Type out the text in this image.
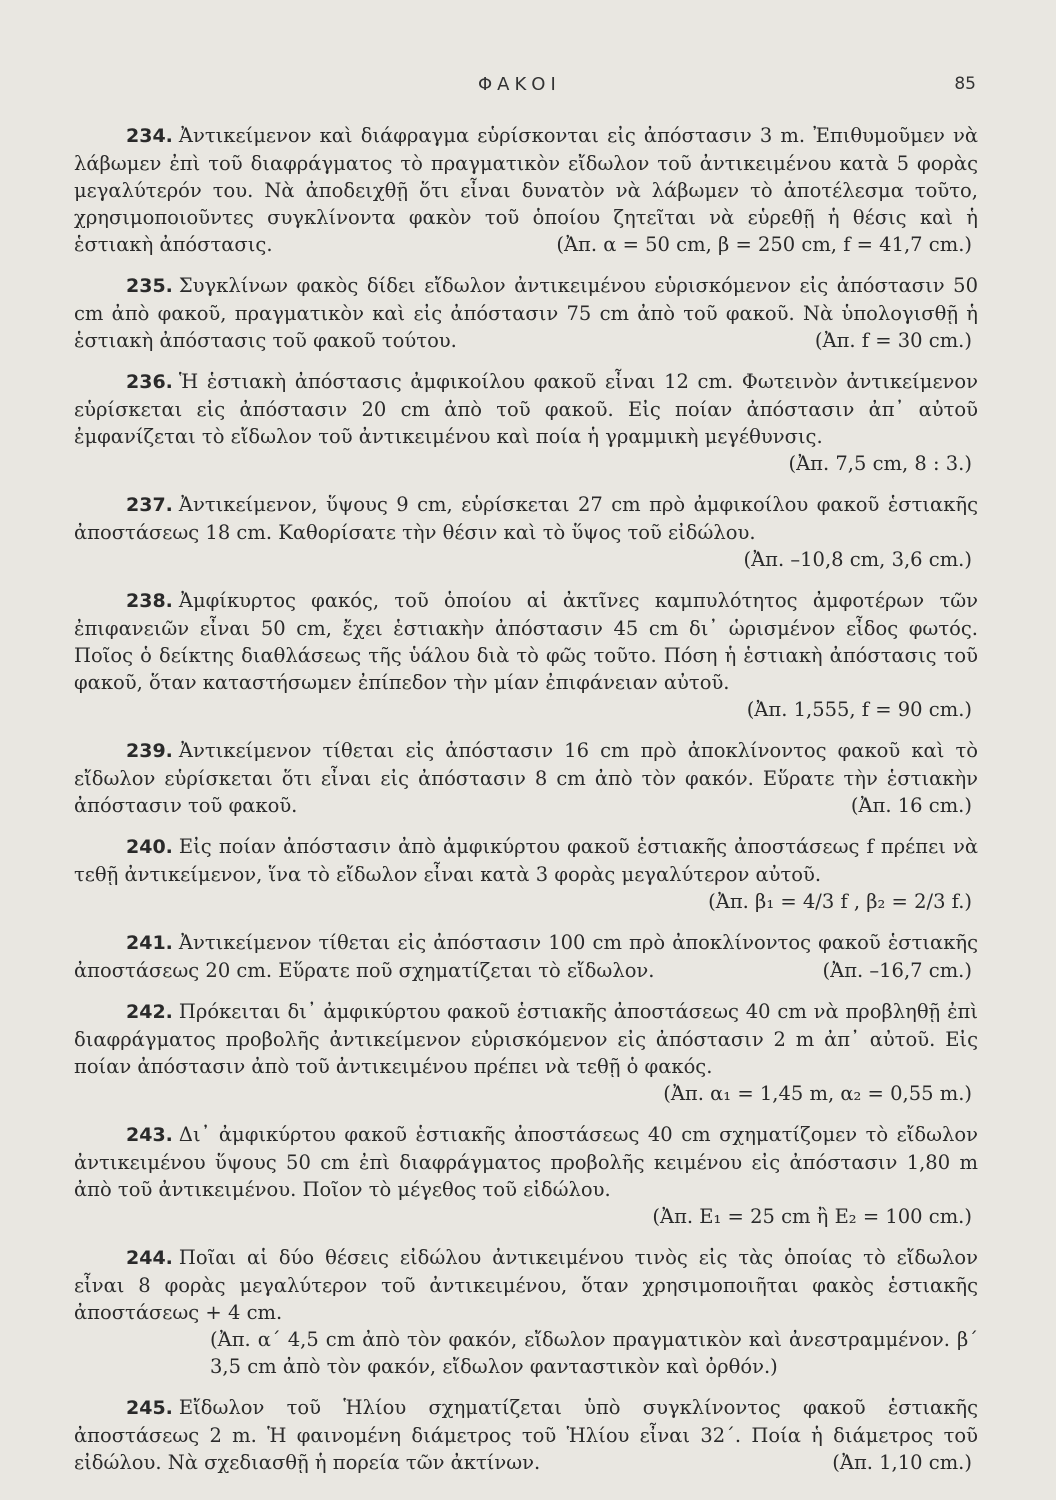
ΦΑΚΟΙ	85
234. Ἀντικείμενον καὶ διάφραγμα εὑρίσκονται εἰς ἀπόστασιν 3 m. Ἐπιθυμοῦμεν νὰ λάβωμεν ἐπὶ τοῦ διαφράγματος τὸ πραγματικὸν εἴδωλον τοῦ ἀντικειμένου κατὰ 5 φορὰς μεγαλύτερόν του. Νὰ ἀποδειχθῇ ὅτι εἶναι δυνατὸν νὰ λάβωμεν τὸ ἀποτέλεσμα τοῦτο, χρησιμοποιοῦντες συγκλίνοντα φακὸν τοῦ ὁποίου ζητεῖται νὰ εὑρεθῇ ἡ θέσις καὶ ἡ ἑστιακὴ ἀπόστασις.	(Ἀπ. α = 50 cm, β = 250 cm, f = 41,7 cm.)
235. Συγκλίνων φακὸς δίδει εἴδωλον ἀντικειμένου εὑρισκόμενον εἰς ἀπόστασιν 50 cm ἀπὸ φακοῦ, πραγματικὸν καὶ εἰς ἀπόστασιν 75 cm ἀπὸ τοῦ φακοῦ. Νὰ ὑπολογισθῇ ἡ ἑστιακὴ ἀπόστασις τοῦ φακοῦ τούτου.	(Ἀπ. f = 30 cm.)
236. Ἡ ἑστιακὴ ἀπόστασις ἀμφικοίλου φακοῦ εἶναι 12 cm. Φωτεινὸν ἀντικείμενον εὑρίσκεται εἰς ἀπόστασιν 20 cm ἀπὸ τοῦ φακοῦ. Εἰς ποίαν ἀπόστασιν ἀπ᾽ αὐτοῦ ἐμφανίζεται τὸ εἴδωλον τοῦ ἀντικειμένου καὶ ποία ἡ γραμμικὴ μεγέθυνσις.
(Ἀπ. 7,5 cm, 8 : 3.)
237. Ἀντικείμενον, ὕψους 9 cm, εὑρίσκεται 27 cm πρὸ ἀμφικοίλου φακοῦ ἑστιακῆς ἀποστάσεως 18 cm. Καθορίσατε τὴν θέσιν καὶ τὸ ὕψος τοῦ εἰδώλου.
(Ἀπ. –10,8 cm, 3,6 cm.)
238. Ἀμφίκυρτος φακός, τοῦ ὁποίου αἱ ἀκτῖνες καμπυλότητος ἀμφοτέρων τῶν ἐπιφανειῶν εἶναι 50 cm, ἔχει ἑστιακὴν ἀπόστασιν 45 cm δι᾽ ὡρισμένον εἶδος φωτός. Ποῖος ὁ δείκτης διαθλάσεως τῆς ὑάλου διὰ τὸ φῶς τοῦτο. Πόση ἡ ἑστιακὴ ἀπόστασις τοῦ φακοῦ, ὅταν καταστήσωμεν ἐπίπεδον τὴν μίαν ἐπιφάνειαν αὐτοῦ.
(Ἀπ. 1,555, f = 90 cm.)
239. Ἀντικείμενον τίθεται εἰς ἀπόστασιν 16 cm πρὸ ἀποκλίνοντος φακοῦ καὶ τὸ εἴδωλον εὑρίσκεται ὅτι εἶναι εἰς ἀπόστασιν 8 cm ἀπὸ τὸν φακόν. Εὕρατε τὴν ἑστιακὴν ἀπόστασιν τοῦ φακοῦ.	(Ἀπ. 16 cm.)
240. Εἰς ποίαν ἀπόστασιν ἀπὸ ἀμφικύρτου φακοῦ ἑστιακῆς ἀποστάσεως f πρέπει νὰ τεθῇ ἀντικείμενον, ἵνα τὸ εἴδωλον εἶναι κατὰ 3 φορὰς μεγαλύτερον αὐτοῦ.
(Ἀπ. β₁ = 4/3 f , β₂ = 2/3 f.)
241. Ἀντικείμενον τίθεται εἰς ἀπόστασιν 100 cm πρὸ ἀποκλίνοντος φακοῦ ἑστιακῆς ἀποστάσεως 20 cm. Εὕρατε ποῦ σχηματίζεται τὸ εἴδωλον.	(Ἀπ. –16,7 cm.)
242. Πρόκειται δι᾽ ἀμφικύρτου φακοῦ ἑστιακῆς ἀποστάσεως 40 cm νὰ προβληθῇ ἐπὶ διαφράγματος προβολῆς ἀντικείμενον εὑρισκόμενον εἰς ἀπόστασιν 2 m ἀπ᾽ αὐτοῦ. Εἰς ποίαν ἀπόστασιν ἀπὸ τοῦ ἀντικειμένου πρέπει νὰ τεθῇ ὁ φακός.
(Ἀπ. α₁ = 1,45 m, α₂ = 0,55 m.)
243. Δι᾽ ἀμφικύρτου φακοῦ ἑστιακῆς ἀποστάσεως 40 cm σχηματίζομεν τὸ εἴδωλον ἀντικειμένου ὕψους 50 cm ἐπὶ διαφράγματος προβολῆς κειμένου εἰς ἀπόστασιν 1,80 m ἀπὸ τοῦ ἀντικειμένου. Ποῖον τὸ μέγεθος τοῦ εἰδώλου.
(Ἀπ. E₁ = 25 cm ἢ E₂ = 100 cm.)
244. Ποῖαι αἱ δύο θέσεις εἰδώλου ἀντικειμένου τινὸς εἰς τὰς ὁποίας τὸ εἴδωλον εἶναι 8 φορὰς μεγαλύτερον τοῦ ἀντικειμένου, ὅταν χρησιμοποιῆται φακὸς ἑστιακῆς ἀποστάσεως + 4 cm.
(Ἀπ. α΄ 4,5 cm ἀπὸ τὸν φακόν, εἴδωλον πραγματικὸν καὶ ἀνεστραμμένον. β΄ 3,5 cm ἀπὸ τὸν φακόν, εἴδωλον φανταστικὸν καὶ ὀρθόν.)
245. Εἴδωλον τοῦ Ἡλίου σχηματίζεται ὑπὸ συγκλίνοντος φακοῦ ἑστιακῆς ἀποστάσεως 2 m. Ἡ φαινομένη διάμετρος τοῦ Ἡλίου εἶναι 32΄. Ποία ἡ διάμετρος τοῦ εἰδώλου. Νὰ σχεδιασθῇ ἡ πορεία τῶν ἀκτίνων.	(Ἀπ. 1,10 cm.)
